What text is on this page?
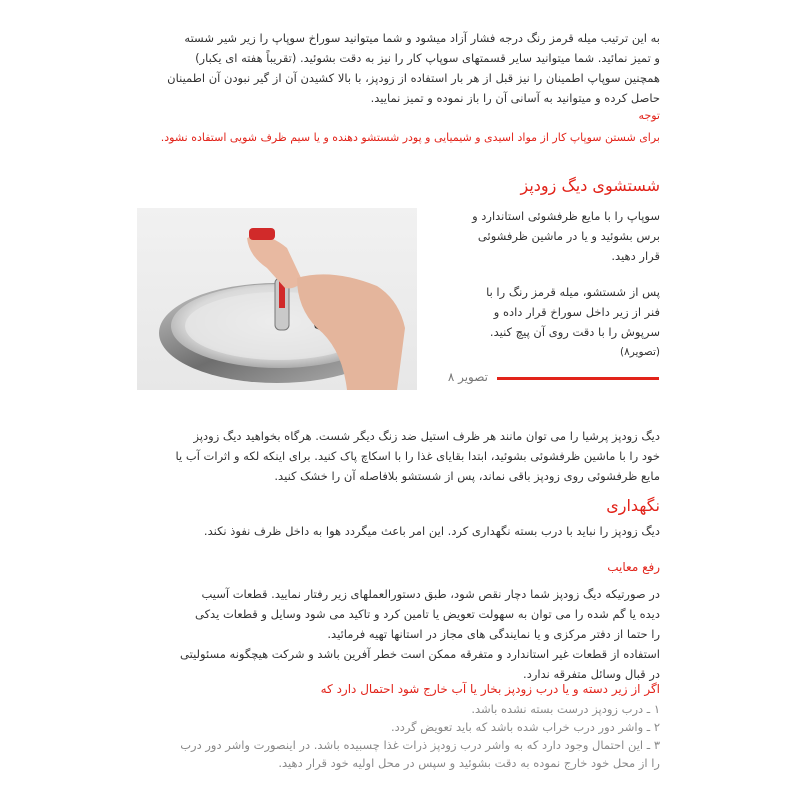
به این ترتیب میله قرمز رنگ درجه فشار آزاد میشود و شما میتوانید سوراخ سوپاپ را زیر شیر شسته

و تمیز نمائید. شما میتوانید سایر قسمتهای سوپاپ کار را نیز به دقت بشوئید. (تقریباً هفته ای یکبار)

همچنین سوپاپ اطمینان را نیز قبل از هر بار استفاده از زودپز، با بالا کشیدن آن از گیر نبودن آن اطمینان

حاصل کرده و میتوانید به آسانی آن را باز نموده و تمیز نمایید.

توجه

برای شستن سوپاپ کار از مواد اسیدی و شیمیایی و پودر شستشو دهنده و یا سیم ظرف شویی استفاده نشود.

شستشوی دیگ زودپز

سوپاپ را با مایع ظرفشوئی استاندارد و

برس بشوئید و یا در ماشین ظرفشوئی

قرار دهید.

پس از شستشو، میله قرمز رنگ را با

فنر از زیر داخل سوراخ قرار داده و

سرپوش را با دقت روی آن پیچ کنید.

(تصویر۸)

تصویر ۸

دیگ زودپز پرشیا را می توان مانند هر ظرف استیل ضد زنگ دیگر شست. هرگاه بخواهید دیگ زودپز

خود را با ماشین ظرفشوئی بشوئید، ابتدا بقایای غذا را با اسکاچ پاک کنید. برای اینکه لکه و اثرات آب یا

مایع ظرفشوئی روی زودپز باقی نماند، پس از شستشو بلافاصله آن را خشک کنید.

نگهداری

دیگ زودپز را نباید با درب بسته نگهداری کرد. این امر باعث میگردد هوا به داخل ظرف نفوذ نکند.

رفع معایب

در صورتیکه دیگ زودپز شما دچار نقص شود، طبق دستورالعملهای زیر رفتار نمایید. قطعات آسیب

دیده یا گم شده را می توان به سهولت تعویض یا تامین کرد و تاکید می شود وسایل و قطعات یدکی

را حتما از دفتر مرکزی و یا نمایندگی های مجاز در استانها تهیه فرمائید.

استفاده از قطعات غیر استاندارد و متفرقه ممکن است خطر آفرین باشد و شرکت هیچگونه مسئولیتی

در قبال وسائل متفرقه ندارد.

اگر از زیر دسته و یا درب زودپز بخار یا آب خارج شود احتمال دارد که

۱ ـ درب زودپز درست بسته نشده باشد.

۲ ـ واشر دور درب خراب شده باشد که باید تعویض گردد.

۳ ـ این احتمال وجود دارد که به واشر درب زودپز ذرات غذا چسبیده باشد. در اینصورت واشر دور درب

را از محل خود خارج نموده به دقت بشوئید و سپس در محل اولیه خود قرار دهید.
